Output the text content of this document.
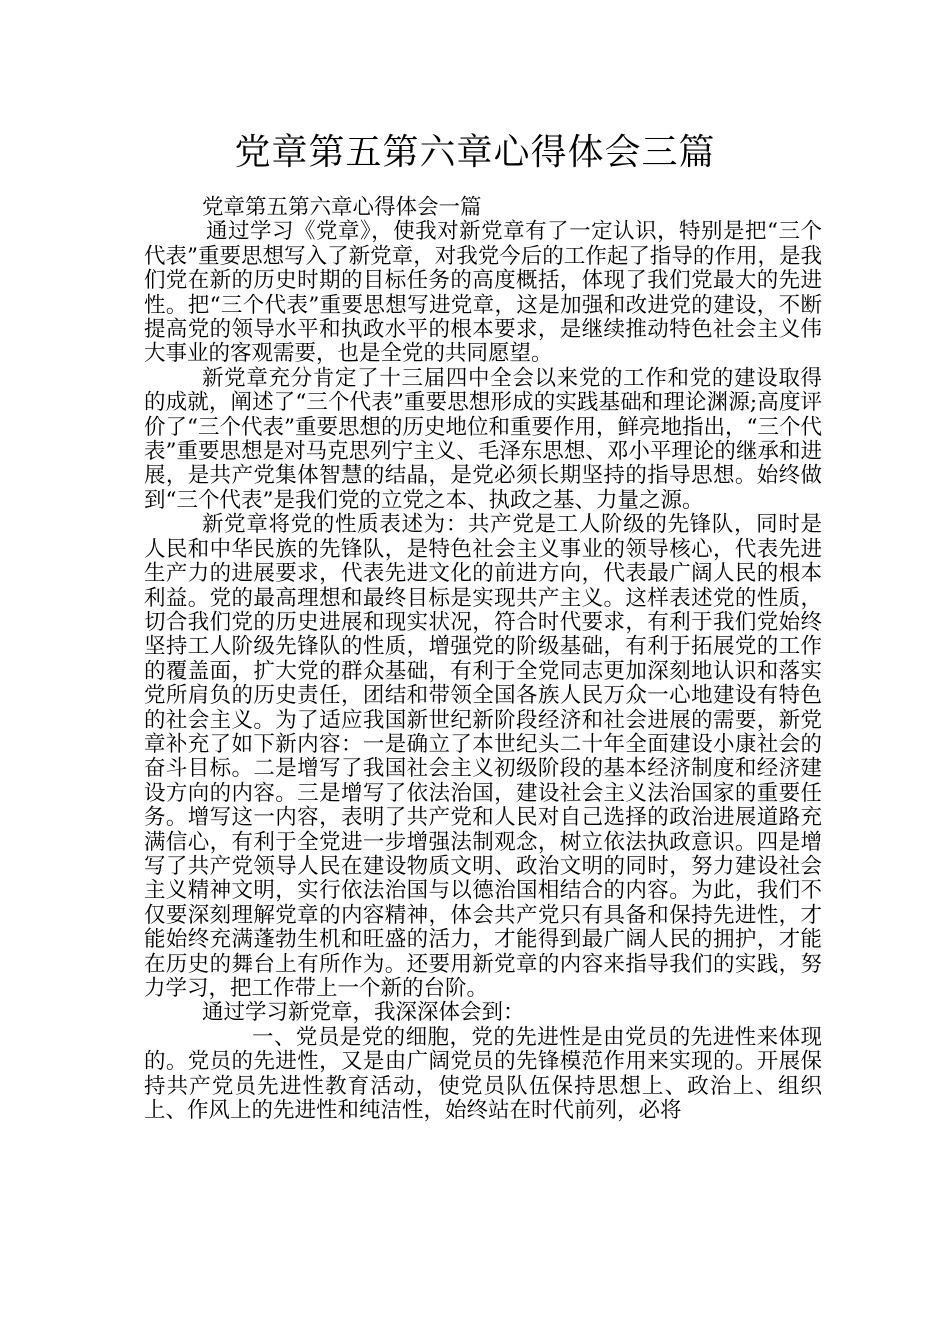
党章第五第六章心得体会三篇

党章第五第六章心得体会一篇

通过学习《党章》，使我对新党章有了一定认识，特别是把“三个代表”重要思想写入了新党章，对我党今后的工作起了指导的作用，是我们党在新的历史时期的目标任务的高度概括，体现了我们党最大的先进性。把“三个代表”重要思想写进党章，这是加强和改进党的建设，不断提高党的领导水平和执政水平的根本要求，是继续推动特色社会主义伟大事业的客观需要，也是全党的共同愿望。

新党章充分肯定了十三届四中全会以来党的工作和党的建设取得的成就，阐述了“三个代表”重要思想形成的实践基础和理论渊源;高度评价了“三个代表”重要思想的历史地位和重要作用，鲜亮地指出，“三个代表”重要思想是对马克思列宁主义、毛泽东思想、邓小平理论的继承和进展，是共产党集体智慧的结晶，是党必须长期坚持的指导思想。始终做到“三个代表”是我们党的立党之本、执政之基、力量之源。

新党章将党的性质表述为：共产党是工人阶级的先锋队，同时是人民和中华民族的先锋队，是特色社会主义事业的领导核心，代表先进生产力的进展要求，代表先进文化的前进方向，代表最广阔人民的根本利益。党的最高理想和最终目标是实现共产主义。这样表述党的性质，切合我们党的历史进展和现实状况，符合时代要求，有利于我们党始终坚持工人阶级先锋队的性质，增强党的阶级基础，有利于拓展党的工作的覆盖面，扩大党的群众基础，有利于全党同志更加深刻地认识和落实党所肩负的历史责任，团结和带领全国各族人民万众一心地建设有特色的社会主义。为了适应我国新世纪新阶段经济和社会进展的需要，新党章补充了如下新内容：一是确立了本世纪头二十年全面建设小康社会的奋斗目标。二是增写了我国社会主义初级阶段的基本经济制度和经济建设方向的内容。三是增写了依法治国，建设社会主义法治国家的重要任务。增写这一内容，表明了共产党和人民对自己选择的政治进展道路充满信心，有利于全党进一步增强法制观念，树立依法执政意识。四是增写了共产党领导人民在建设物质文明、政治文明的同时，努力建设社会主义精神文明，实行依法治国与以德治国相结合的内容。为此，我们不仅要深刻理解党章的内容精神，体会共产党只有具备和保持先进性，才能始终充满蓬勃生机和旺盛的活力，才能得到最广阔人民的拥护，才能在历史的舞台上有所作为。还要用新党章的内容来指导我们的实践，努力学习，把工作带上一个新的台阶。

通过学习新党章，我深深体会到：

一、党员是党的细胞，党的先进性是由党员的先进性来体现的。党员的先进性，又是由广阔党员的先锋模范作用来实现的。开展保持共产党员先进性教育活动，使党员队伍保持思想上、政治上、组织上、作风上的先进性和纯洁性，始终站在时代前列，必将
